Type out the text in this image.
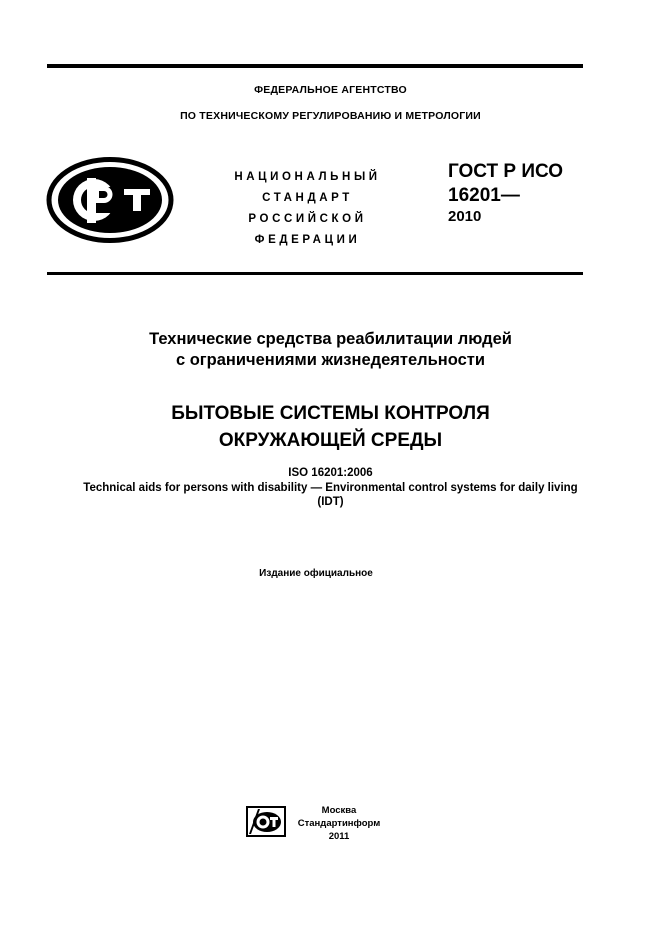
ФЕДЕРАЛЬНОЕ АГЕНТСТВО
ПО ТЕХНИЧЕСКОМУ РЕГУЛИРОВАНИЮ И МЕТРОЛОГИИ
НАЦИОНАЛЬНЫЙ
СТАНДАРТ
РОССИЙСКОЙ
ФЕДЕРАЦИИ
ГОСТ Р ИСО
16201—
2010
Технические средства реабилитации людей
с ограничениями жизнедеятельности
БЫТОВЫЕ СИСТЕМЫ КОНТРОЛЯ
ОКРУЖАЮЩЕЙ СРЕДЫ
ISO 16201:2006
Technical aids for persons with disability — Environmental control systems for daily living
(IDT)
Издание официальное
Москва
Стандартинформ
2011
